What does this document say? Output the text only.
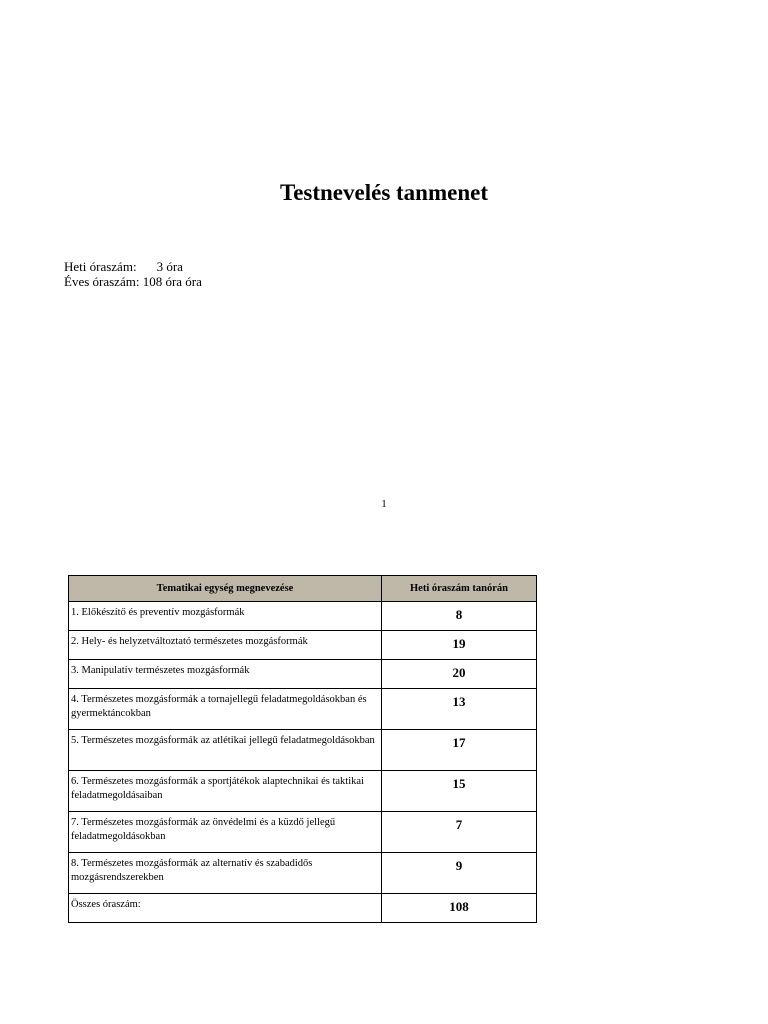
Testnevelés tanmenet
Heti óraszám: 3 óra
Éves óraszám: 108 óra óra
1
Tematikai egység megnevezése	Heti óraszám tanórán
1. Előkészítő és preventív mozgásformák	8
2. Hely- és helyzetváltoztató természetes mozgásformák	19
3. Manipulatív természetes mozgásformák	20
4. Természetes mozgásformák a tornajellegű feladatmegoldásokban és gyermektáncokban	13
5. Természetes mozgásformák az atlétikai jellegű feladatmegoldásokban	17
6. Természetes mozgásformák a sportjátékok alaptechnikai és taktikai feladatmegoldásaiban	15
7. Természetes mozgásformák az önvédelmi és a küzdő jellegű feladatmegoldásokban	7
8. Természetes mozgásformák az alternatív és szabadidős mozgásrendszerekben	9
Összes óraszám:	108
